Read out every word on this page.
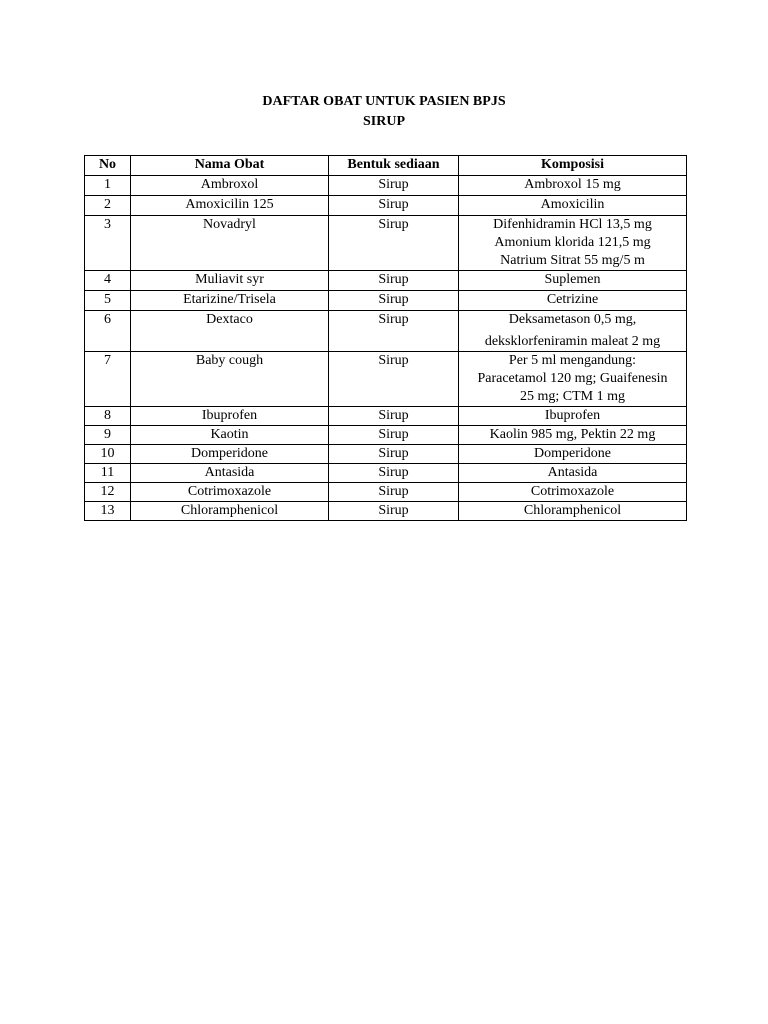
DAFTAR OBAT UNTUK PASIEN BPJS
SIRUP
No	Nama Obat	Bentuk sediaan	Komposisi
1	Ambroxol	Sirup	Ambroxol 15 mg

2	Amoxicilin 125	Sirup	Amoxicilin

3	Novadryl	Sirup	Difenhidramin HCl 13,5 mg
Amonium klorida 121,5 mg
Natrium Sitrat 55 mg/5 m

4	Muliavit syr	Sirup	Suplemen

5	Etarizine/Trisela	Sirup	Cetrizine

6	Dextaco	Sirup	Deksametason 0,5 mg,
deksklorfeniramin maleat 2 mg

7	Baby cough	Sirup	Per 5 ml mengandung:
Paracetamol 120 mg; Guaifenesin
25 mg; CTM 1 mg

8	Ibuprofen	Sirup	Ibuprofen

9	Kaotin	Sirup	Kaolin 985 mg, Pektin 22 mg

10	Domperidone	Sirup	Domperidone

11	Antasida	Sirup	Antasida

12	Cotrimoxazole	Sirup	Cotrimoxazole

13	Chloramphenicol	Sirup	Chloramphenicol
